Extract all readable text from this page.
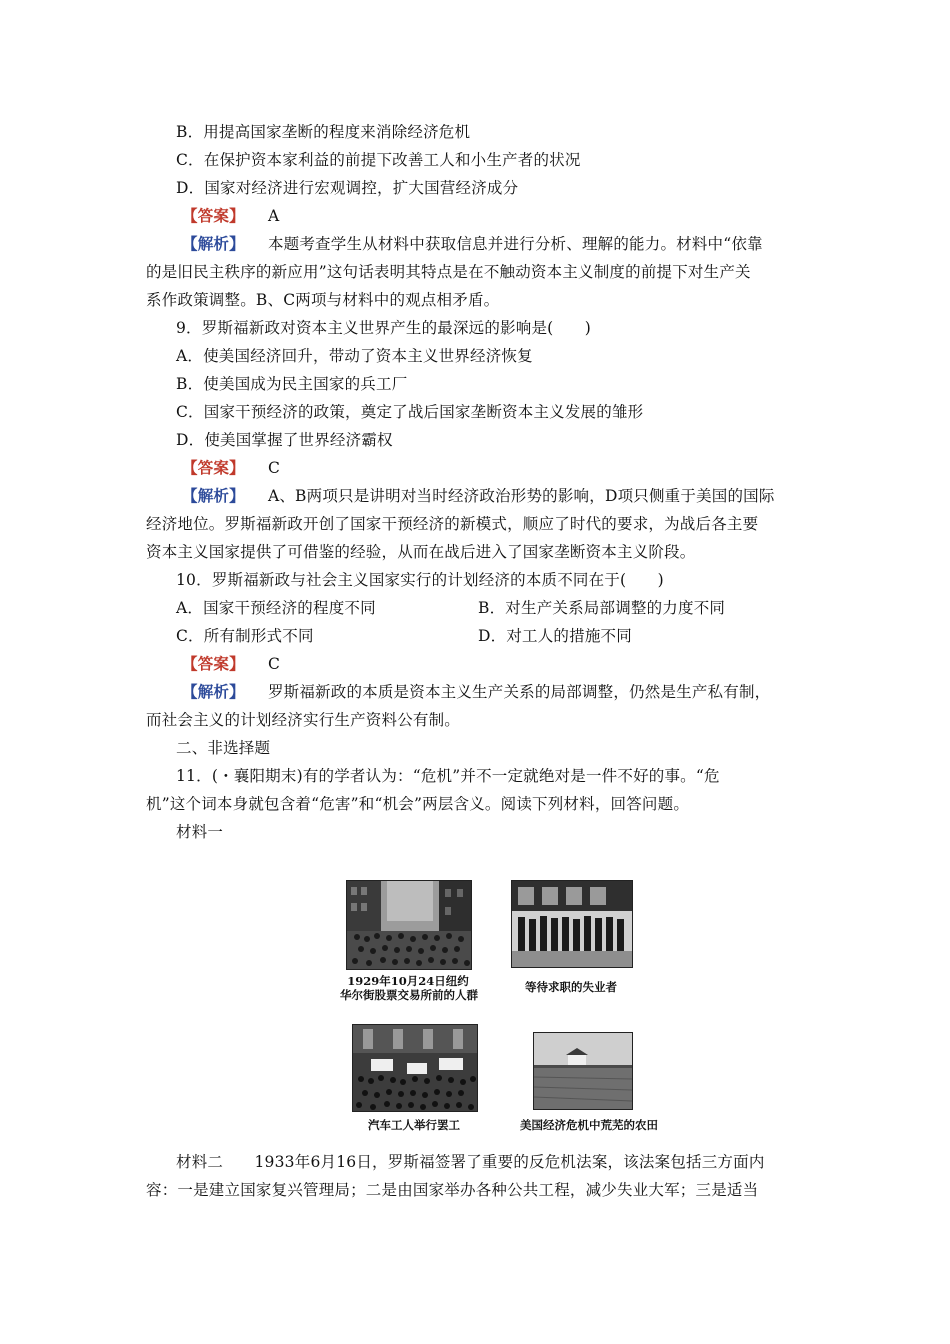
B．用提高国家垄断的程度来消除经济危机
C．在保护资本家利益的前提下改善工人和小生产者的状况
D．国家对经济进行宏观调控，扩大国营经济成分
【答案】 A
【解析】 本题考查学生从材料中获取信息并进行分析、理解的能力。材料中“依靠
的是旧民主秩序的新应用”这句话表明其特点是在不触动资本主义制度的前提下对生产关
系作政策调整。B、C两项与材料中的观点相矛盾。
9．罗斯福新政对资本主义世界产生的最深远的影响是(　　)
A．使美国经济回升，带动了资本主义世界经济恢复
B．使美国成为民主国家的兵工厂
C．国家干预经济的政策，奠定了战后国家垄断资本主义发展的雏形
D．使美国掌握了世界经济霸权
【答案】 C
【解析】 A、B两项只是讲明对当时经济政治形势的影响，D项只侧重于美国的国际
经济地位。罗斯福新政开创了国家干预经济的新模式，顺应了时代的要求，为战后各主要
资本主义国家提供了可借鉴的经验，从而在战后进入了国家垄断资本主义阶段。
10．罗斯福新政与社会主义国家实行的计划经济的本质不同在于(　　)
A．国家干预经济的程度不同	B．对生产关系局部调整的力度不同
C．所有制形式不同	D．对工人的措施不同
【答案】 C
【解析】 罗斯福新政的本质是资本主义生产关系的局部调整，仍然是生产私有制，
而社会主义的计划经济实行生产资料公有制。
二、非选择题
11．(・襄阳期末)有的学者认为：“危机”并不一定就绝对是一件不好的事。“危
机”这个词本身就包含着“危害”和“机会”两层含义。阅读下列材料，回答问题。
材料一
1929年10月24日纽约
华尔街股票交易所前的人群
等待求职的失业者
汽车工人举行罢工	美国经济危机中荒芜的农田
材料二　　1933年6月16日，罗斯福签署了重要的反危机法案，该法案包括三方面内
容：一是建立国家复兴管理局；二是由国家举办各种公共工程，减少失业大军；三是适当
